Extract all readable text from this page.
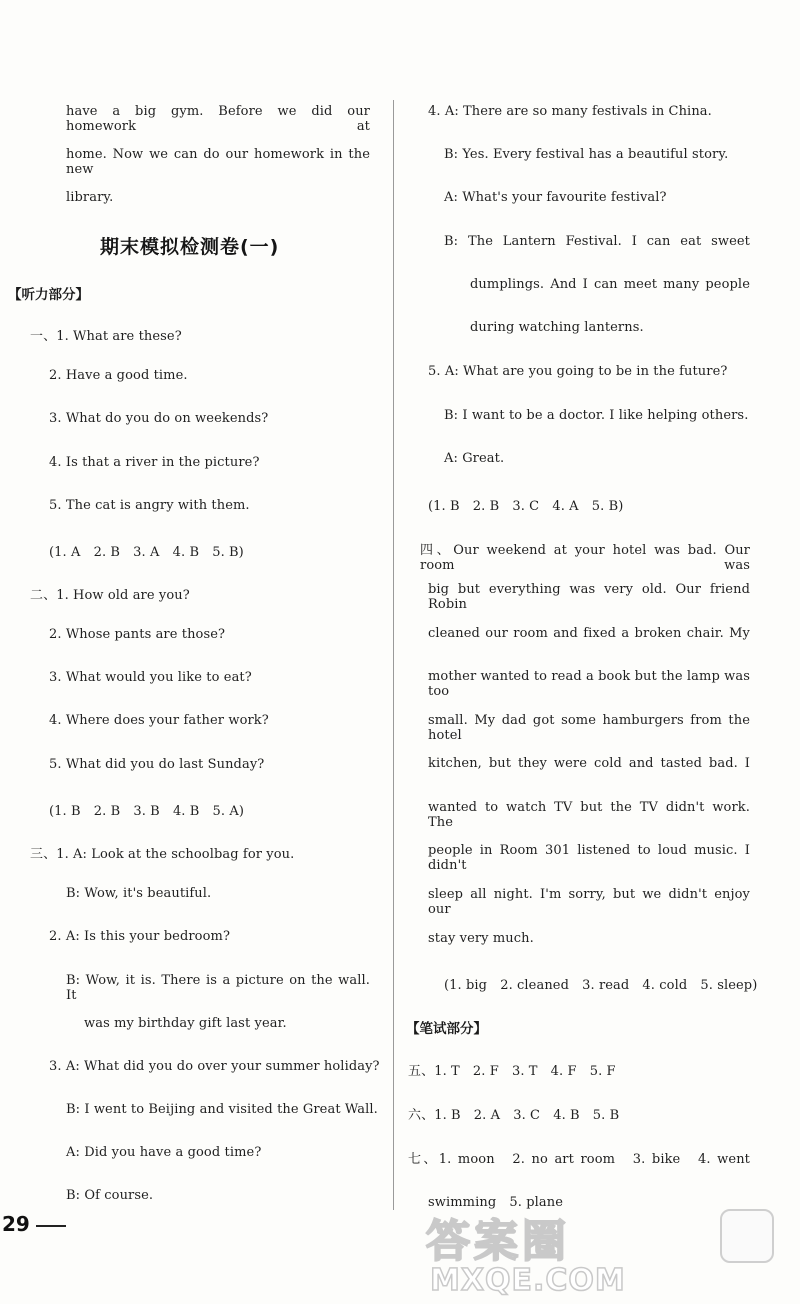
have a big gym. Before we did our homework at
home. Now we can do our homework in the new
library.
期末模拟检测卷(一)
【听力部分】
一、1. What are these?
2. Have a good time.
3. What do you do on weekends?
4. Is that a river in the picture?
5. The cat is angry with them.
(1. A　2. B　3. A　4. B　5. B)
二、1. How old are you?
2. Whose pants are those?
3. What would you like to eat?
4. Where does your father work?
5. What did you do last Sunday?
(1. B　2. B　3. B　4. B　5. A)
三、1. A: Look at the schoolbag for you.
B: Wow, it's beautiful.
2. A: Is this your bedroom?
B: Wow, it is. There is a picture on the wall. It
was my birthday gift last year.
3. A: What did you do over your summer holiday?
B: I went to Beijing and visited the Great Wall.
A: Did you have a good time?
B: Of course.
4. A: There are so many festivals in China.
B: Yes. Every festival has a beautiful story.
A: What's your favourite festival?
B: The Lantern Festival. I can eat sweet
dumplings. And I can meet many people
during watching lanterns.
5. A: What are you going to be in the future?
B: I want to be a doctor. I like helping others.
A: Great.
(1. B　2. B　3. C　4. A　5. B)
四、Our weekend at your hotel was bad. Our room was
big but everything was very old. Our friend Robin
cleaned our room and fixed a broken chair. My
mother wanted to read a book but the lamp was too
small. My dad got some hamburgers from the hotel
kitchen, but they were cold and tasted bad. I
wanted to watch TV but the TV didn't work. The
people in Room 301 listened to loud music. I didn't
sleep all night. I'm sorry, but we didn't enjoy our
stay very much.
(1. big　2. cleaned　3. read　4. cold　5. sleep)
【笔试部分】
五、1. T　2. F　3. T　4. F　5. F
六、1. B　2. A　3. C　4. B　5. B
七、1. moon　2. no art room　3. bike　4. went
swimming　5. plane
29	答案圈
MXQE.COM
